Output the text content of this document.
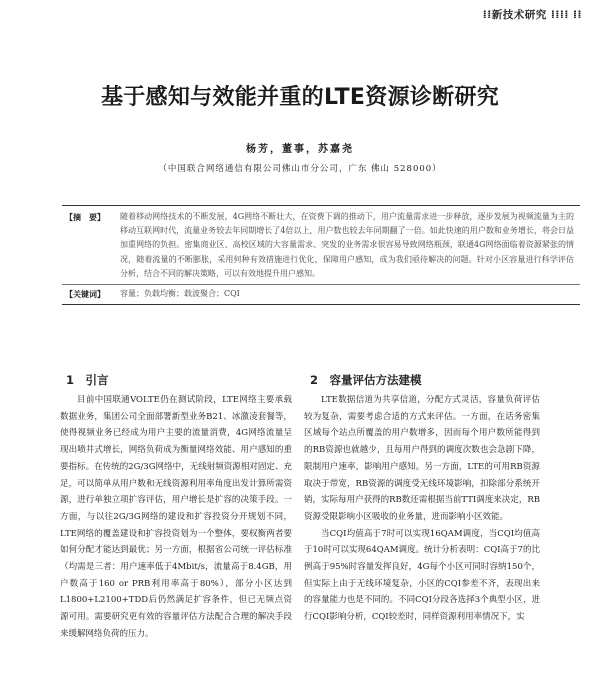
⁞⁞新技术研究 ⁞⁞⁞⁞ ⁞⁞
基于感知与效能并重的LTE资源诊断研究
杨芳，董事，苏嘉尧
（中国联合网络通信有限公司佛山市分公司，广东 佛山 528000）
【摘　要】	随着移动网络技术的不断发展，4G网络不断壮大，在资费下调的推动下，用户流量需求进一步释放，逐步发展为视频流量为主的移动互联网时代，流量业务较去年同期增长了4倍以上，用户数也较去年同期翻了一倍。如此快速的用户数和业务增长，将会日益加重网络的负担。密集商业区、高校区域的大容量需求、突发的业务需求很容易导致网络瓶颈，联通4G网络面临着资源紧张的情况，随着流量的不断膨胀，采用何种有效措施进行优化，保障用户感知，成为我们亟待解决的问题。针对小区容量进行科学评估分析，结合不同的解决策略，可以有效地提升用户感知。
【关键词】	容量；负载均衡；载波聚合；CQI
1　引言

目前中国联通VOLTE仍在测试阶段，LTE网络主要承载数据业务，集团公司全面部署新型业务B21、冰激凌套餐等，使得视频业务已经成为用户主要的流量消费，4G网络流量呈现出喷井式增长，网络负荷成为衡量网络效能、用户感知的重要指标。在传统的2G/3G网络中，无线射频资源相对固定、充足，可以简单从用户数和无线资源利用率角度出发计算所需资源，进行单独立项扩容评估，用户增长是扩容的决策手段。一方面，与以往2G/3G网络的建设和扩容投资分开规划不同，LTE网络的覆盖建设和扩容投资划为一个整体，要权衡两者要如何分配才能达到最优；另一方面，根据省公司统一评估标准（均需是三者：用户速率低于4Mbit/s，流量高于8.4GB，用户数高于160 or PRB利用率高于80%），部分小区达到L1800+L2100+TDD后仍然满足扩容条件，但已无频点资源可用。需要研究更有效的容量评估方法配合合理的解决手段来缓解网络负荷的压力。

2　容量评估方法建模

LTE数据信道为共享信道，分配方式灵活，容量负荷评估较为复杂，需要考虑合适的方式来评估。一方面，在话务密集区域每个站点所覆盖的用户数增多，因而每个用户数所能得到的RB资源也就越少，且每用户得到的调度次数也会急剧下降，限制用户速率，影响用户感知。另一方面，LTE的可用RB资源取决于带宽，RB资源的调度受无线环境影响，扣除部分系统开销，实际每用户获得的RB数还需根据当前TTI调度来决定，RB资源受限影响小区吸收的业务量，进而影响小区效能。

当CQI均值高于7时可以实现16QAM调度，当CQI均值高于10时可以实现64QAM调度。统计分析表明：CQI高于7的比例高于95%时容量发挥良好，4G每个小区可同时容纳150个，但实际上由于无线环境复杂，小区的CQI参差不齐，表现出来的容量能力也是不同的。不同CQI分段各选择3个典型小区，进行CQI影响分析，CQI较差时，同样资源利用率情况下，实
